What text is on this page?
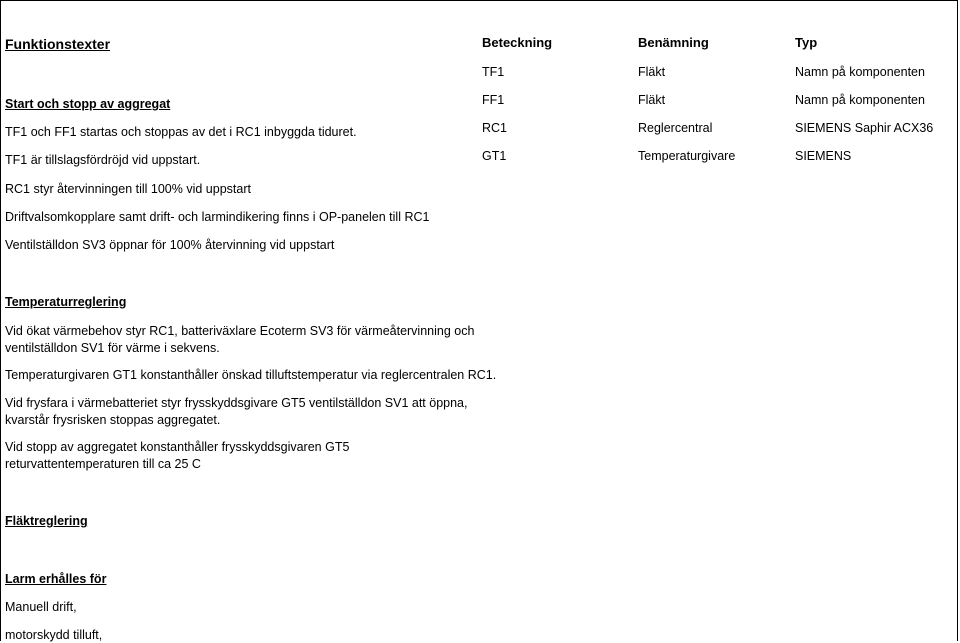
Funktionstexter	Beteckning	Benämning	Typ
TF1	Fläkt	Namn på komponenten
FF1	Fläkt	Namn på komponenten
RC1	Reglercentral	SIEMENS Saphir ACX36
GT1	Temperaturgivare	SIEMENS
Start och stopp av aggregat
TF1 och FF1 startas och stoppas av det i RC1 inbyggda tiduret.
TF1 är tillslagsfördröjd vid uppstart.
RC1 styr återvinningen till 100% vid uppstart
Driftvalsomkopplare samt drift- och larmindikering finns i OP-panelen till RC1
Ventilställdon SV3 öppnar för 100% återvinning vid uppstart
Temperaturreglering
Vid ökat värmebehov styr RC1, batteriväxlare Ecoterm SV3 för värmeåtervinning och ventilställdon SV1 för värme i sekvens.
Temperaturgivaren GT1 konstanthåller önskad tilluftstemperatur via reglercentralen RC1.
Vid frysfara i värmebatteriet styr frysskyddsgivare GT5 ventilställdon SV1 att öppna, kvarstår frysrisken stoppas aggregatet.
Vid stopp av aggregatet konstanthåller frysskyddsgivaren GT5 returvattentemperaturen till ca 25 C
Fläktreglering
Larm erhålles för
Manuell drift,
motorskydd tilluft,
